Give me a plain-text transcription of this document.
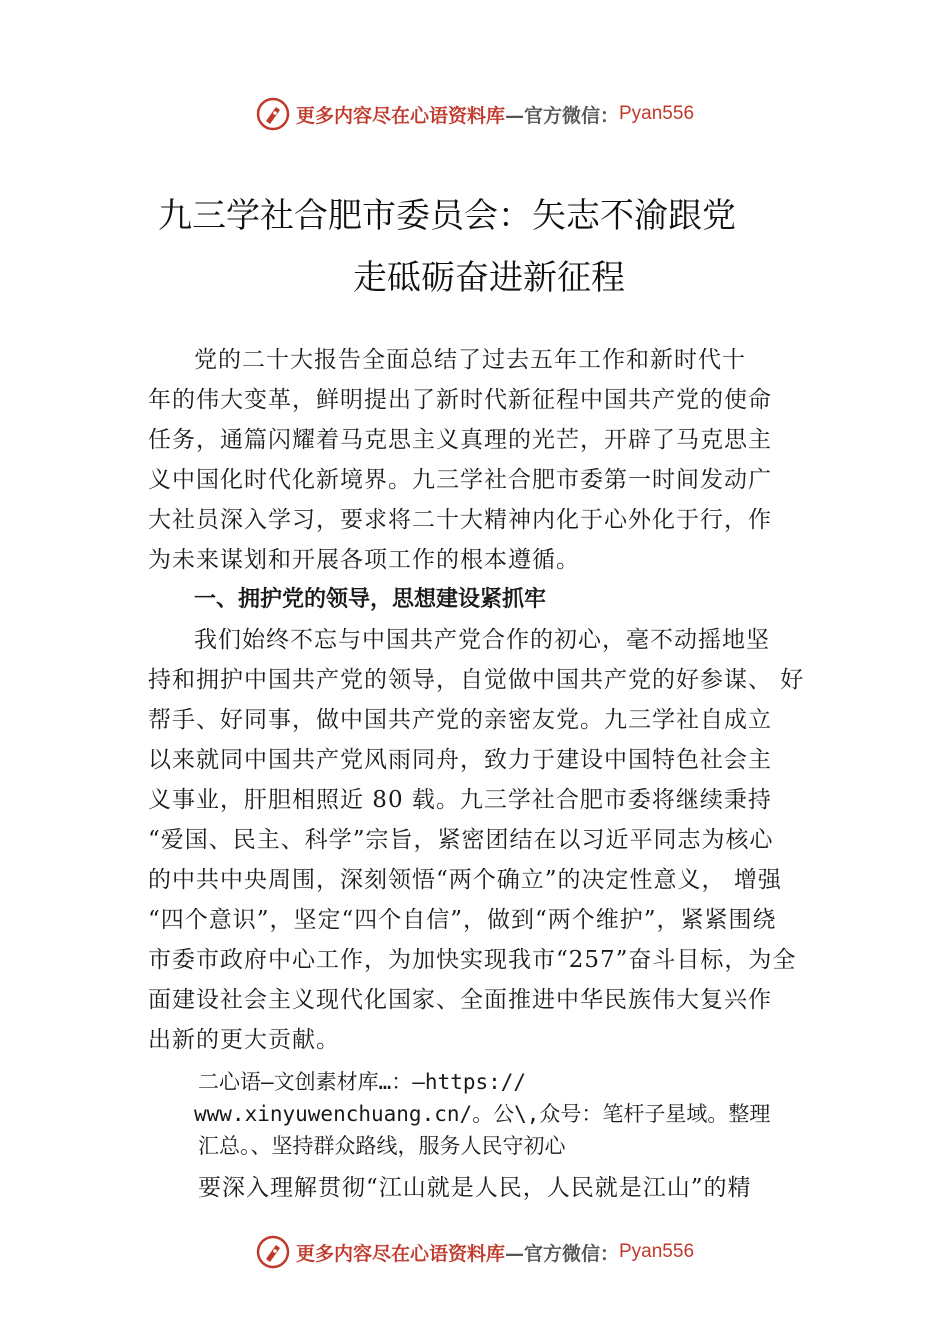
更多内容尽在心语资料库 —官方微信： Pyan556
九三学社合肥市委员会：矢志不渝跟党
走砥砺奋进新征程
党的二十大报告全面总结了过去五年工作和新时代十
年的伟大变革，鲜明提出了新时代新征程中国共产党的使命
任务，通篇闪耀着马克思主义真理的光芒，开辟了马克思主
义中国化时代化新境界。九三学社合肥市委第一时间发动广
大社员深入学习，要求将二十大精神内化于心外化于行，作
为未来谋划和开展各项工作的根本遵循。
一、拥护党的领导，思想建设紧抓牢
我们始终不忘与中国共产党合作的初心，毫不动摇地坚
持和拥护中国共产党的领导，自觉做中国共产党的好参谋、 好
帮手、好同事，做中国共产党的亲密友党。九三学社自成立
以来就同中国共产党风雨同舟，致力于建设中国特色社会主
义事业，肝胆相照近 80 载。九三学社合肥市委将继续秉持
“爱国、民主、科学”宗旨，紧密团结在以习近平同志为核心
的中共中央周围，深刻领悟“两个确立”的决定性意义， 增强
“四个意识”，坚定“四个自信”，做到“两个维护”，紧紧围绕
市委市政府中心工作，为加快实现我市“257”奋斗目标，为全
面建设社会主义现代化国家、全面推进中华民族伟大复兴作
出新的更大贡献。
二心语—文创素材库…：—https://
www.xinyuwenchuang.cn/。公\,众号：笔杆子星域。整理
汇总。、坚持群众路线，服务人民守初心
要深入理解贯彻“江山就是人民，人民就是江山”的精
更多内容尽在心语资料库 —官方微信： Pyan556
